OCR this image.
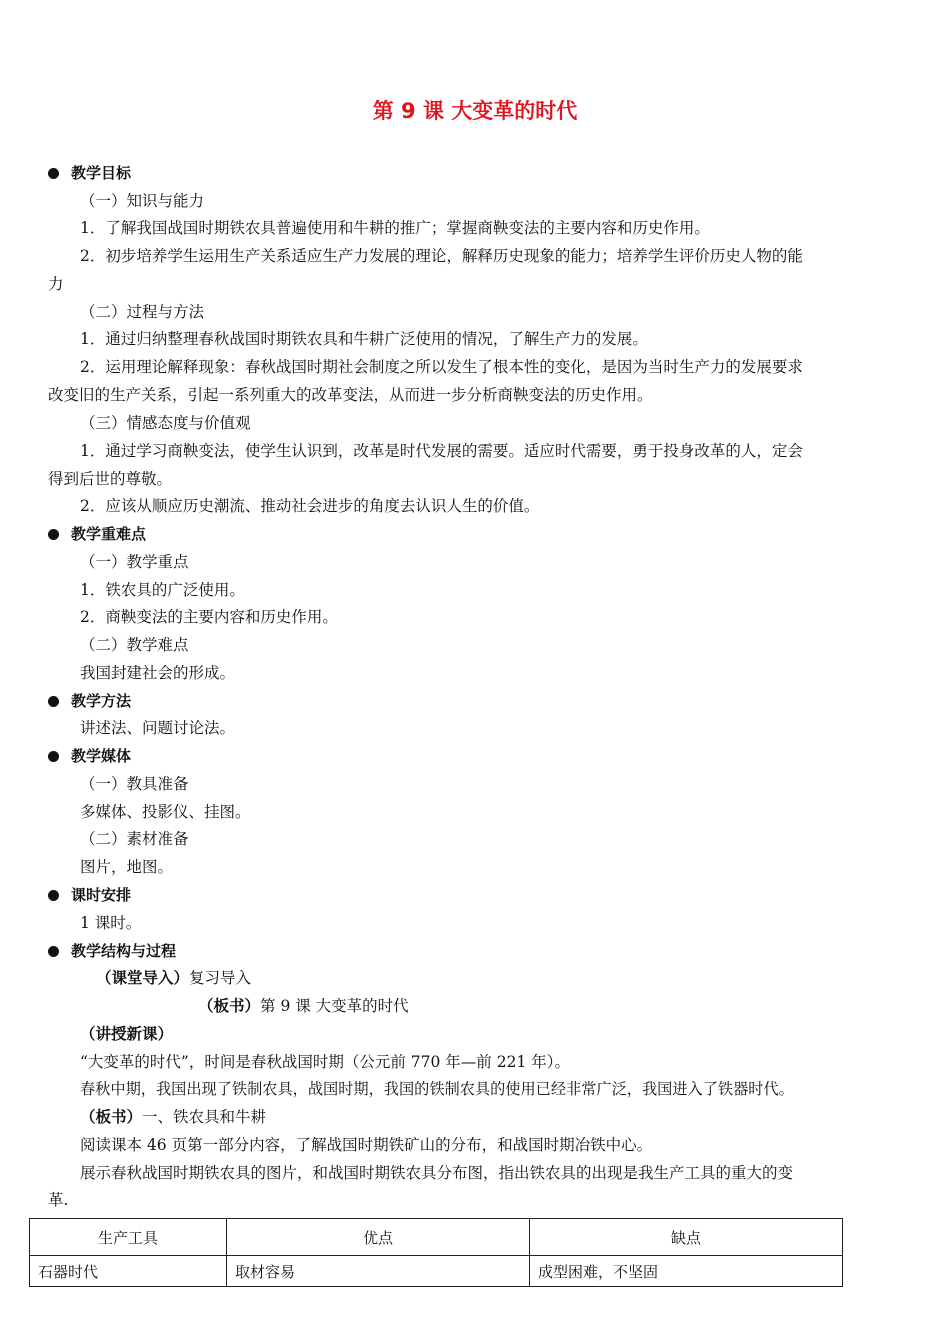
第 9 课 大变革的时代
教学目标
（一）知识与能力
1．了解我国战国时期铁农具普遍使用和牛耕的推广；掌握商鞅变法的主要内容和历史作用。
2．初步培养学生运用生产关系适应生产力发展的理论，解释历史现象的能力；培养学生评价历史人物的能
力
（二）过程与方法
1．通过归纳整理春秋战国时期铁农具和牛耕广泛使用的情况，了解生产力的发展。
2．运用理论解释现象：春秋战国时期社会制度之所以发生了根本性的变化，是因为当时生产力的发展要求
改变旧的生产关系，引起一系列重大的改革变法，从而进一步分析商鞅变法的历史作用。
（三）情感态度与价值观
1．通过学习商鞅变法，使学生认识到，改革是时代发展的需要。适应时代需要，勇于投身改革的人，定会
得到后世的尊敬。
2．应该从顺应历史潮流、推动社会进步的角度去认识人生的价值。
教学重难点
（一）教学重点
1．铁农具的广泛使用。
2．商鞅变法的主要内容和历史作用。
（二）教学难点
我国封建社会的形成。
教学方法
讲述法、问题讨论法。
教学媒体
（一）教具准备
多媒体、投影仪、挂图。
（二）素材准备
图片，地图。
课时安排
1 课时。
教学结构与过程
（课堂导入）复习导入
（板书）第 9 课 大变革的时代
（讲授新课）
“大变革的时代”，时间是春秋战国时期（公元前 770 年—前 221 年）。
春秋中期，我国出现了铁制农具，战国时期，我国的铁制农具的使用已经非常广泛，我国进入了铁器时代。
（板书）一、铁农具和牛耕
阅读课本 46 页第一部分内容，了解战国时期铁矿山的分布，和战国时期冶铁中心。
展示春秋战国时期铁农具的图片，和战国时期铁农具分布图，指出铁农具的出现是我生产工具的重大的变
革.
生产工具	优点	缺点
石器时代	取材容易	成型困难，不坚固
